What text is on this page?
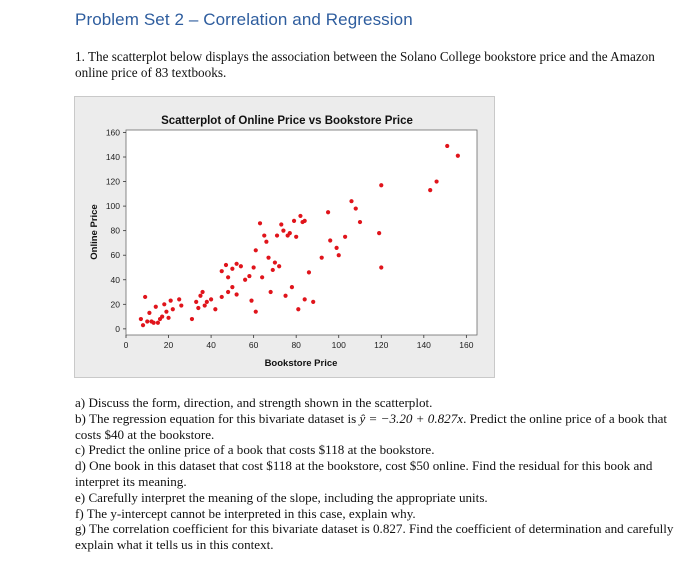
Problem Set 2 – Correlation and Regression
1. The scatterplot below displays the association between the Solano College bookstore price and the Amazon online price of 83 textbooks.
Scatterplot of Online Price vs Bookstore Price
0	20	40	60	80	100	120	140	160
0
20
40
60
80
100
120
140
160
Bookstore Price
Online Price

a) Discuss the form, direction, and strength shown in the scatterplot.

b) The regression equation for this bivariate dataset is ŷ = −3.20 + 0.827x. Predict the online price of a book that costs $40 at the bookstore.

c) Predict the online price of a book that costs $118 at the bookstore.

d) One book in this dataset that cost $118 at the bookstore, cost $50 online. Find the residual for this book and interpret its meaning.

e) Carefully interpret the meaning of the slope, including the appropriate units.

f) The y-intercept cannot be interpreted in this case, explain why.

g) The correlation coefficient for this bivariate dataset is 0.827. Find the coefficient of determination and carefully explain what it tells us in this context.
